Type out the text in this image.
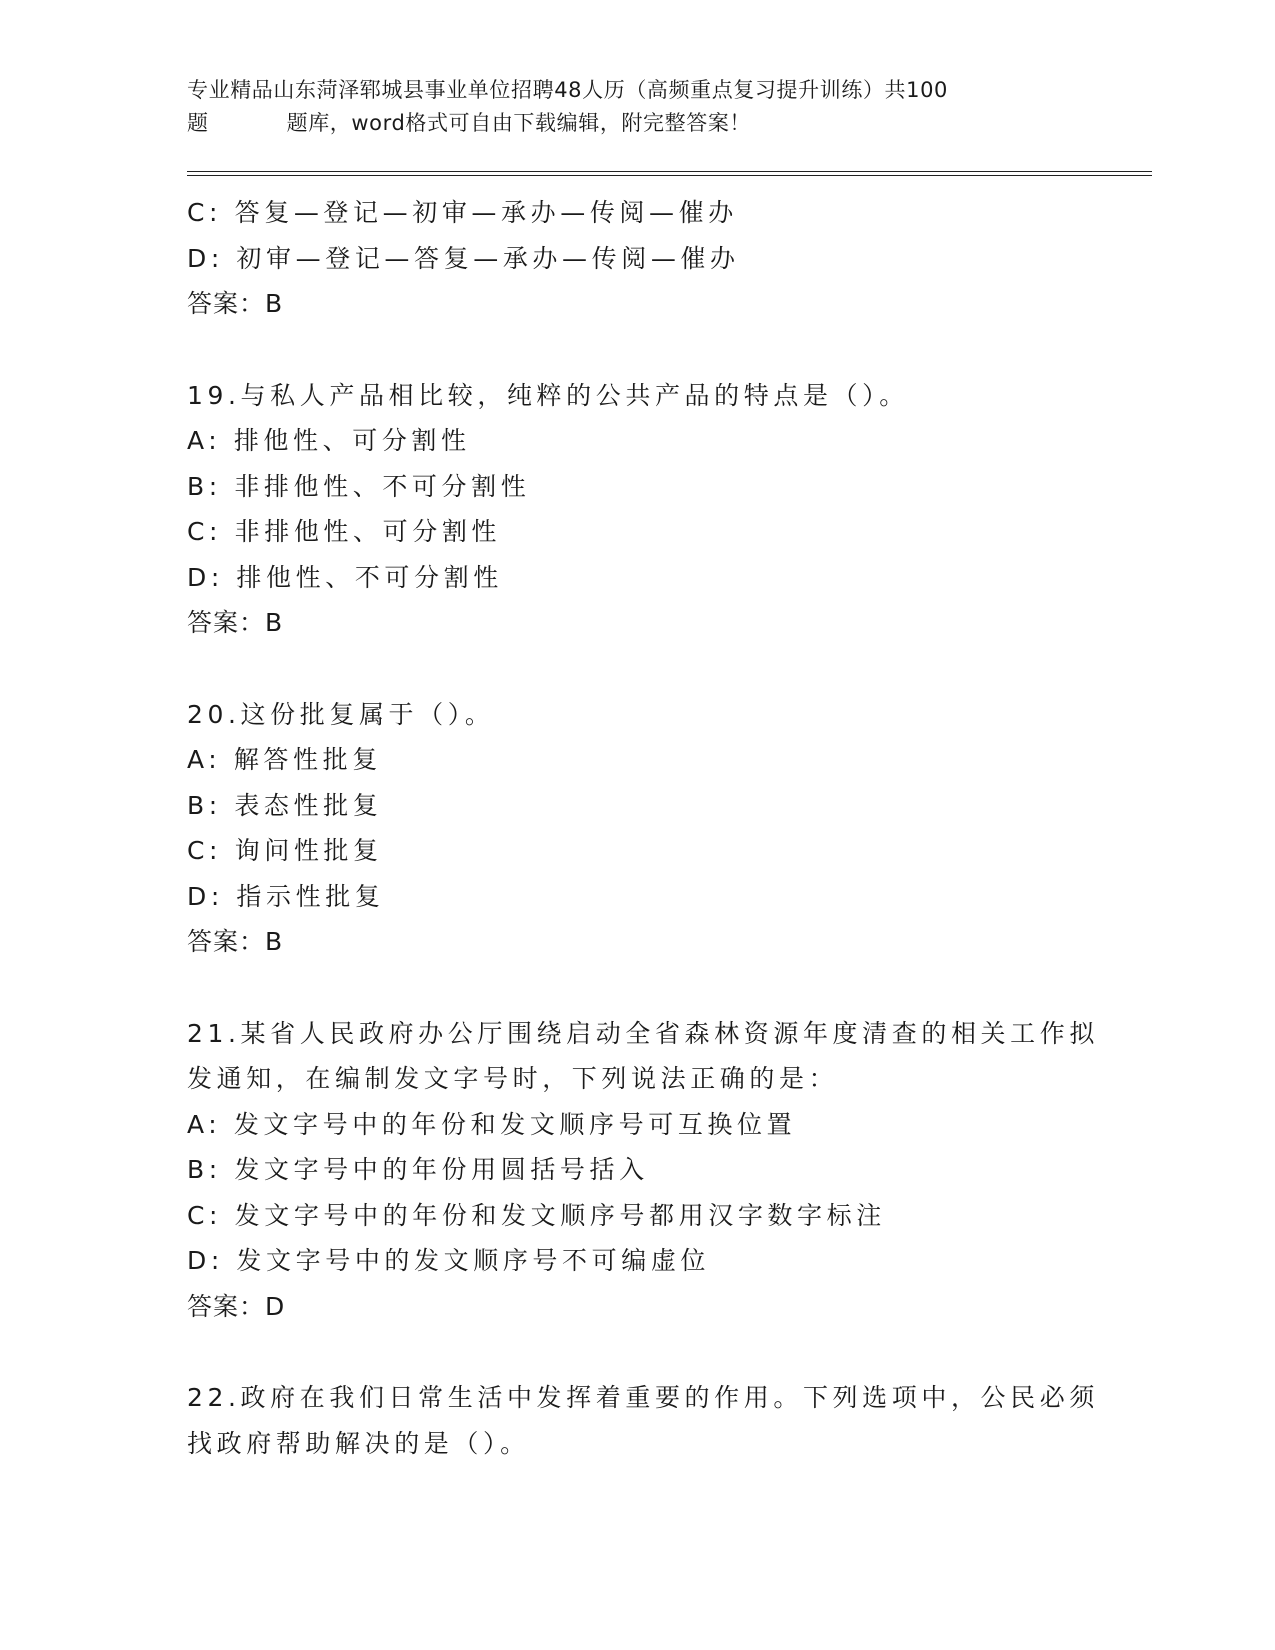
专业精品山东菏泽郓城县事业单位招聘48人历（高频重点复习提升训练）共100
题	题库，word格式可自由下载编辑，附完整答案！
C: 答复—登记—初审—承办—传阅—催办
D: 初审—登记—答复—承办—传阅—催办
答案：B
19.与私人产品相比较，纯粹的公共产品的特点是（）。
A: 排他性、可分割性
B: 非排他性、不可分割性
C: 非排他性、可分割性
D: 排他性、不可分割性
答案：B
20.这份批复属于（）。
A: 解答性批复
B: 表态性批复
C: 询问性批复
D: 指示性批复
答案：B
21.某省人民政府办公厅围绕启动全省森林资源年度清查的相关工作拟
发通知，在编制发文字号时，下列说法正确的是：
A: 发文字号中的年份和发文顺序号可互换位置
B: 发文字号中的年份用圆括号括入
C: 发文字号中的年份和发文顺序号都用汉字数字标注
D: 发文字号中的发文顺序号不可编虚位
答案：D
22.政府在我们日常生活中发挥着重要的作用。下列选项中，公民必须
找政府帮助解决的是（）。
